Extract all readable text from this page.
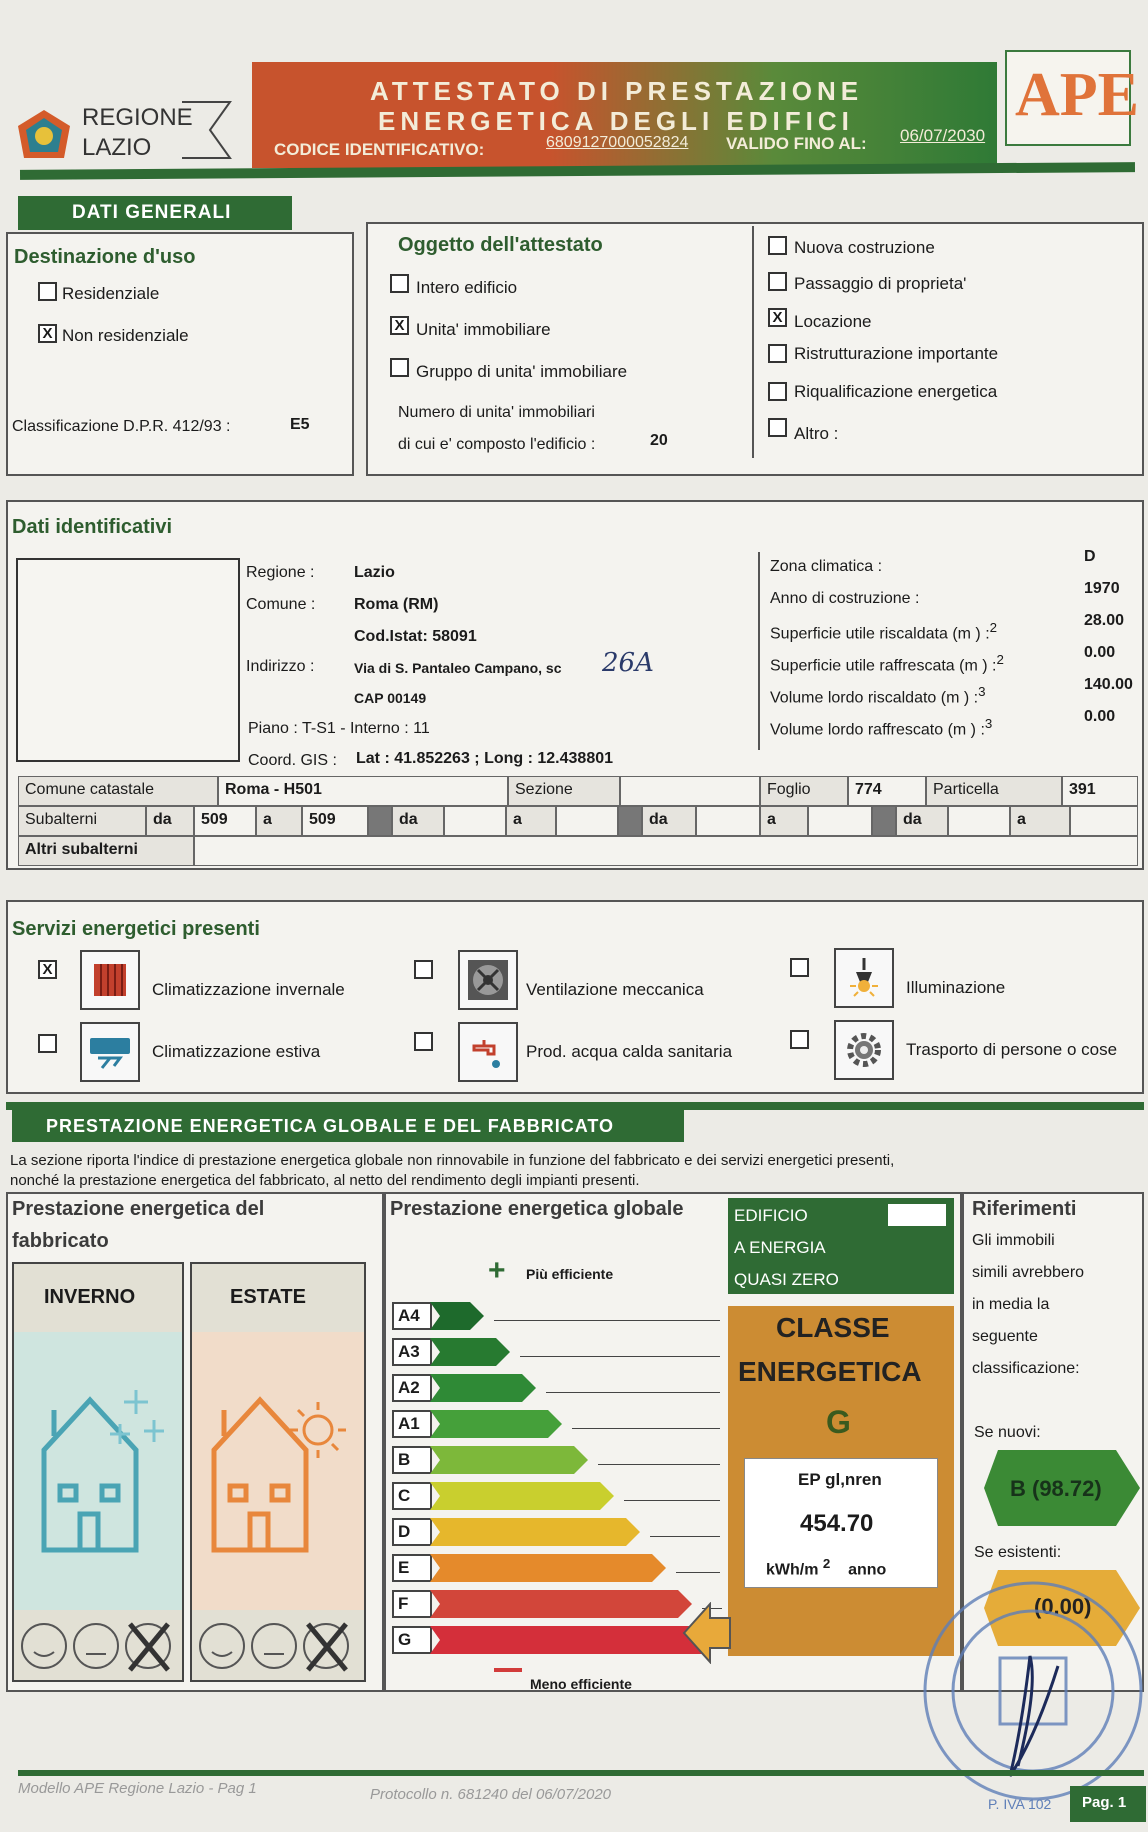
REGIONE
LAZIO
ATTESTATO DI PRESTAZIONE
ENERGETICA DEGLI EDIFICI
CODICE IDENTIFICATIVO:	6809127000052824 VALIDO FINO AL: 06/07/2030
APE
DATI GENERALI
Destinazione d'uso
Residenziale
X Non residenziale
Classificazione D.P.R. 412/93 :	E5
Oggetto dell'attestato
Intero edificio
X Unita' immobiliare
Gruppo di unita' immobiliare
Numero di unita' immobiliari
di cui e' composto l'edificio :	20
Nuova costruzione
Passaggio di proprieta'
X Locazione
Ristrutturazione importante
Riqualificazione energetica
Altro :
Dati identificativi
Regione : Lazio
Comune : Roma (RM)
Cod.Istat: 58091
Indirizzo :	Via di S. Pantaleo Campano, sc 26A
CAP 00149
Piano : T-S1 - Interno : 11
Coord. GIS : Lat : 41.852263 ; Long : 12.438801
Zona climatica :
D
Anno di costruzione :
1970
Superficie utile riscaldata (m ) :$^2$	28.00
Superficie utile raffrescata (m ) :$^2$	0.00
Volume lordo riscaldato (m ) :$^3$	140.00
Volume lordo raffrescato (m ) :$^3$	0.00
Comune catastale	Roma - H501	Sezione	Foglio	774	Particella	391
Subalterni	da	509	a	509	da	a	da	a	da	a
Altri subalterni
Servizi energetici presenti
X
Climatizzazione invernale
Climatizzazione estiva
Ventilazione meccanica
Prod. acqua calda sanitaria
Illuminazione
Trasporto di persone o cose
PRESTAZIONE ENERGETICA GLOBALE E DEL FABBRICATO
La sezione riporta l'indice di prestazione energetica globale non rinnovabile in funzione del fabbricato e dei servizi energetici presenti,
nonché la prestazione energetica del fabbricato, al netto del rendimento degli impianti presenti.
Prestazione energetica del
fabbricato
INVERNO	ESTATE
Prestazione energetica globale
+ Più efficiente
Meno efficiente
A4
A3
A2
A1
B
C
D
E
F
G
EDIFICIO
A ENERGIA
QUASI ZERO
CLASSE
ENERGETICA
G
EP gl,nren
454.70
kWh/m $^2$ anno
Riferimenti
Gli immobili
simili avrebbero
in media la
seguente
classificazione:
Se nuovi:
B (98.72)
Se esistenti:
(0.00)
P. IVA 102
Modello APE Regione Lazio - Pag 1	Protocollo n. 681240 del 06/07/2020	Pag. 1
